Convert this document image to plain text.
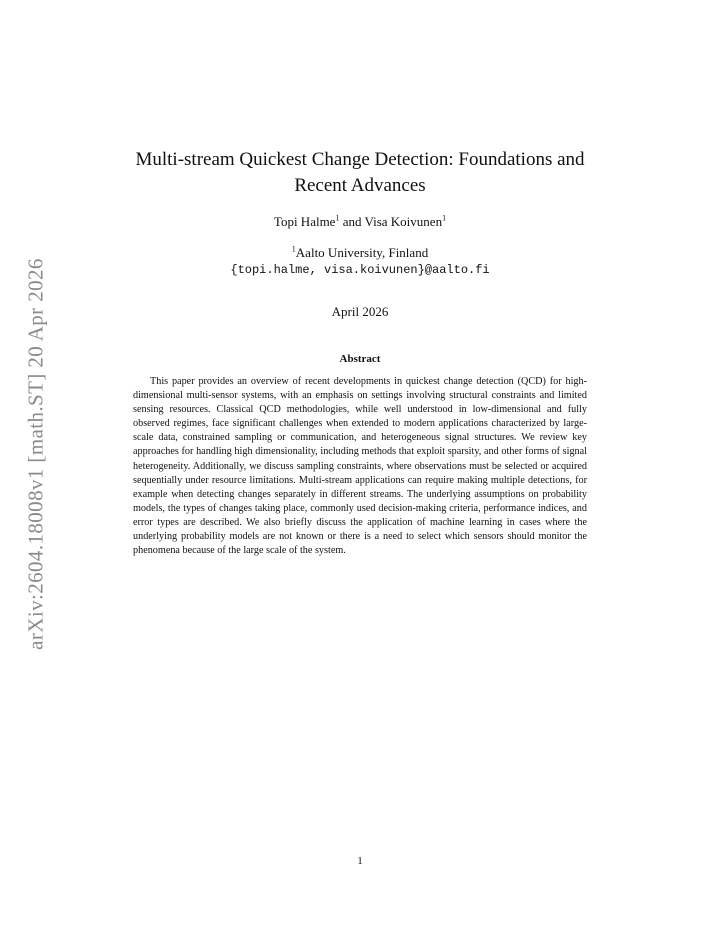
arXiv:2604.18008v1 [math.ST] 20 Apr 2026
Multi-stream Quickest Change Detection: Foundations and
Recent Advances
Topi Halme$^1$ and Visa Koivunen$^1$
$^1$Aalto University, Finland
{topi.halme, visa.koivunen}@aalto.fi
April 2026
Abstract

This paper provides an overview of recent developments in quickest change detection (QCD) for high-dimensional multi-sensor systems, with an emphasis on settings involving structural constraints and limited sensing resources. Classical QCD methodologies, while well understood in low-dimensional and fully observed regimes, face significant challenges when extended to modern applications characterized by large-scale data, constrained sampling or communication, and heterogeneous signal structures. We review key approaches for handling high dimensionality, including methods that exploit sparsity, and other forms of signal heterogeneity. Additionally, we discuss sampling constraints, where observations must be selected or acquired sequentially under resource limitations. Multi-stream applications can require making multiple detections, for example when detecting changes separately in different streams. The underlying assumptions on probability models, the types of changes taking place, commonly used decision-making criteria, performance indices, and error types are described. We also briefly discuss the application of machine learning in cases where the underlying probability models are not known or there is a need to select which sensors should monitor the phenomena because of the large scale of the system.

1
